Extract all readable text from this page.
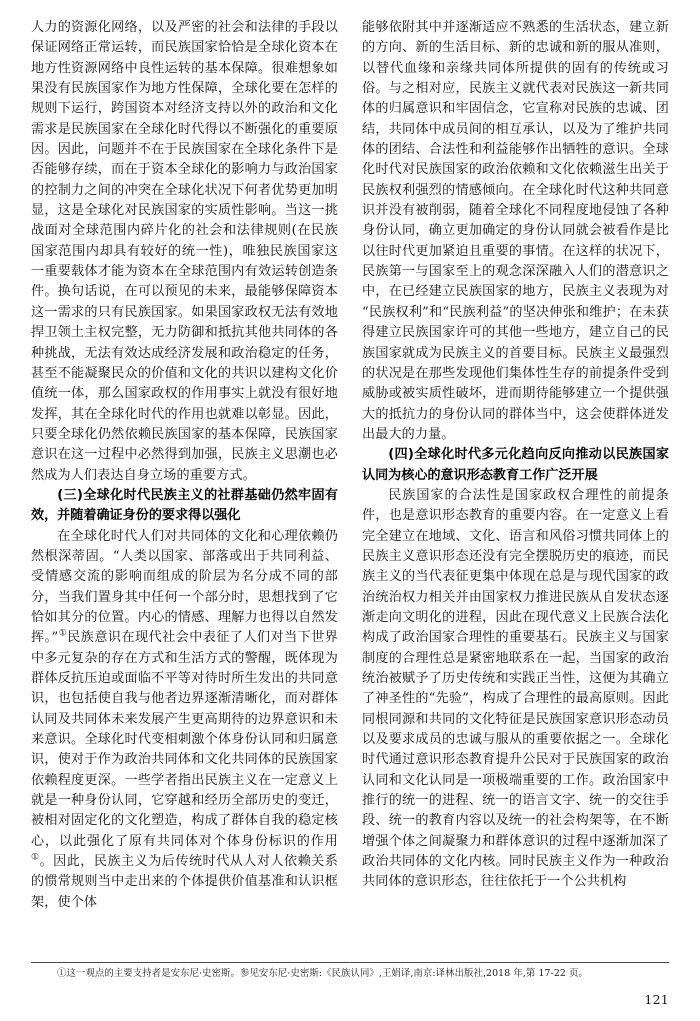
人力的资源化网络，以及严密的社会和法律的手段以保证网络正常运转，而民族国家恰恰是全球化资本在地方性资源网络中良性运转的基本保障。很难想象如果没有民族国家作为地方性保障，全球化要在怎样的规则下运行，跨国资本对经济支持以外的政治和文化需求是民族国家在全球化时代得以不断强化的重要原因。因此，问题并不在于民族国家在全球化条件下是否能够存续，而在于资本全球化的影响力与政治国家的控制力之间的冲突在全球化状况下何者优势更加明显，这是全球化对民族国家的实质性影响。当这一挑战面对全球范围内碎片化的社会和法律规则(在民族国家范围内却具有较好的统一性)，唯独民族国家这一重要载体才能为资本在全球范围内有效运转创造条件。换句话说，在可以预见的未来，最能够保障资本这一需求的只有民族国家。如果国家政权无法有效地捍卫领土主权完整，无力防御和抵抗其他共同体的各种挑战，无法有效达成经济发展和政治稳定的任务，甚至不能凝聚民众的价值和文化的共识以建构文化价值统一体，那么国家政权的作用事实上就没有很好地发挥，其在全球化时代的作用也就难以彰显。因此，只要全球化仍然依赖民族国家的基本保障，民族国家意识在这一过程中必然得到加强，民族主义思潮也必然成为人们表达自身立场的重要方式。

(三)全球化时代民族主义的社群基础仍然牢固有效，并随着确证身份的要求得以强化

在全球化时代人们对共同体的文化和心理依赖仍然根深蒂固。“人类以国家、部落或出于共同利益、受情感交流的影响而组成的阶层为名分成不同的部分，当我们置身其中任何一个部分时，思想找到了它恰如其分的位置。内心的情感、理解力也得以自然发挥。”①民族意识在现代社会中表征了人们对当下世界中多元复杂的存在方式和生活方式的警醒，既体现为群体反抗压迫或面临不平等对待时所生发出的共同意识，也包括使自我与他者边界逐渐清晰化，而对群体认同及共同体未来发展产生更高期待的边界意识和未来意识。全球化时代变相刺激个体身份认同和归属意识，使对于作为政治共同体和文化共同体的民族国家依赖程度更深。一些学者指出民族主义在一定意义上就是一种身份认同，它穿越和经历全部历史的变迁，被相对固定化的文化塑造，构成了群体自我的稳定核心，以此强化了原有共同体对个体身份标识的作用①。因此，民族主义为后传统时代从人对人依赖关系的惯常规则当中走出来的个体提供价值基准和认识框架，使个体

能够依附其中并逐渐适应不熟悉的生活状态，建立新的方向、新的生活目标、新的忠诚和新的服从准则，以替代血缘和亲缘共同体所提供的固有的传统或习俗。与之相对应，民族主义就代表对民族这一新共同体的归属意识和牢固信念，它宣称对民族的忠诚、团结，共同体中成员间的相互承认，以及为了维护共同体的团结、合法性和利益能够作出牺牲的意识。全球化时代对民族国家的政治依赖和文化依赖滋生出关于民族权利强烈的情感倾向。在全球化时代这种共同意识并没有被削弱，随着全球化不同程度地侵蚀了各种身份认同，确立更加确定的身份认同就会被看作是比以往时代更加紧迫且重要的事情。在这样的状况下，民族第一与国家至上的观念深深融入人们的潜意识之中，在已经建立民族国家的地方，民族主义表现为对“民族权利”和“民族利益”的坚决伸张和维护；在未获得建立民族国家许可的其他一些地方，建立自己的民族国家就成为民族主义的首要目标。民族主义最强烈的状况是在那些发现他们集体性生存的前提条件受到威胁或被实质性破坏，进而期待能够建立一个提供强大的抵抗力的身份认同的群体当中，这会使群体迸发出最大的力量。

(四)全球化时代多元化趋向反向推动以民族国家认同为核心的意识形态教育工作广泛开展

民族国家的合法性是国家政权合理性的前提条件，也是意识形态教育的重要内容。在一定意义上看完全建立在地域、文化、语言和风俗习惯共同体上的民族主义意识形态还没有完全摆脱历史的痕迹，而民族主义的当代表征更集中体现在总是与现代国家的政治统治权力相关并由国家权力推进民族从自发状态逐渐走向文明化的进程，因此在现代意义上民族合法化构成了政治国家合理性的重要基石。民族主义与国家制度的合理性总是紧密地联系在一起，当国家的政治统治被赋予了历史传统和实践正当性，这便为其确立了神圣性的“先验”，构成了合理性的最高原则。因此同根同源和共同的文化特征是民族国家意识形态动员以及要求成员的忠诚与服从的重要依据之一。全球化时代通过意识形态教育提升公民对于民族国家的政治认同和文化认同是一项极端重要的工作。政治国家中推行的统一的进程、统一的语言文字、统一的交往手段、统一的教育内容以及统一的社会构架等，在不断增强个体之间凝聚力和群体意识的过程中逐渐加深了政治共同体的文化内核。同时民族主义作为一种政治共同体的意识形态，往往依托于一个公共机构

①这一观点的主要支持者是安东尼·史密斯。参见安东尼·史密斯:《民族认同》,王娟译,南京:译林出版社,2018 年,第 17-22 页。

121
